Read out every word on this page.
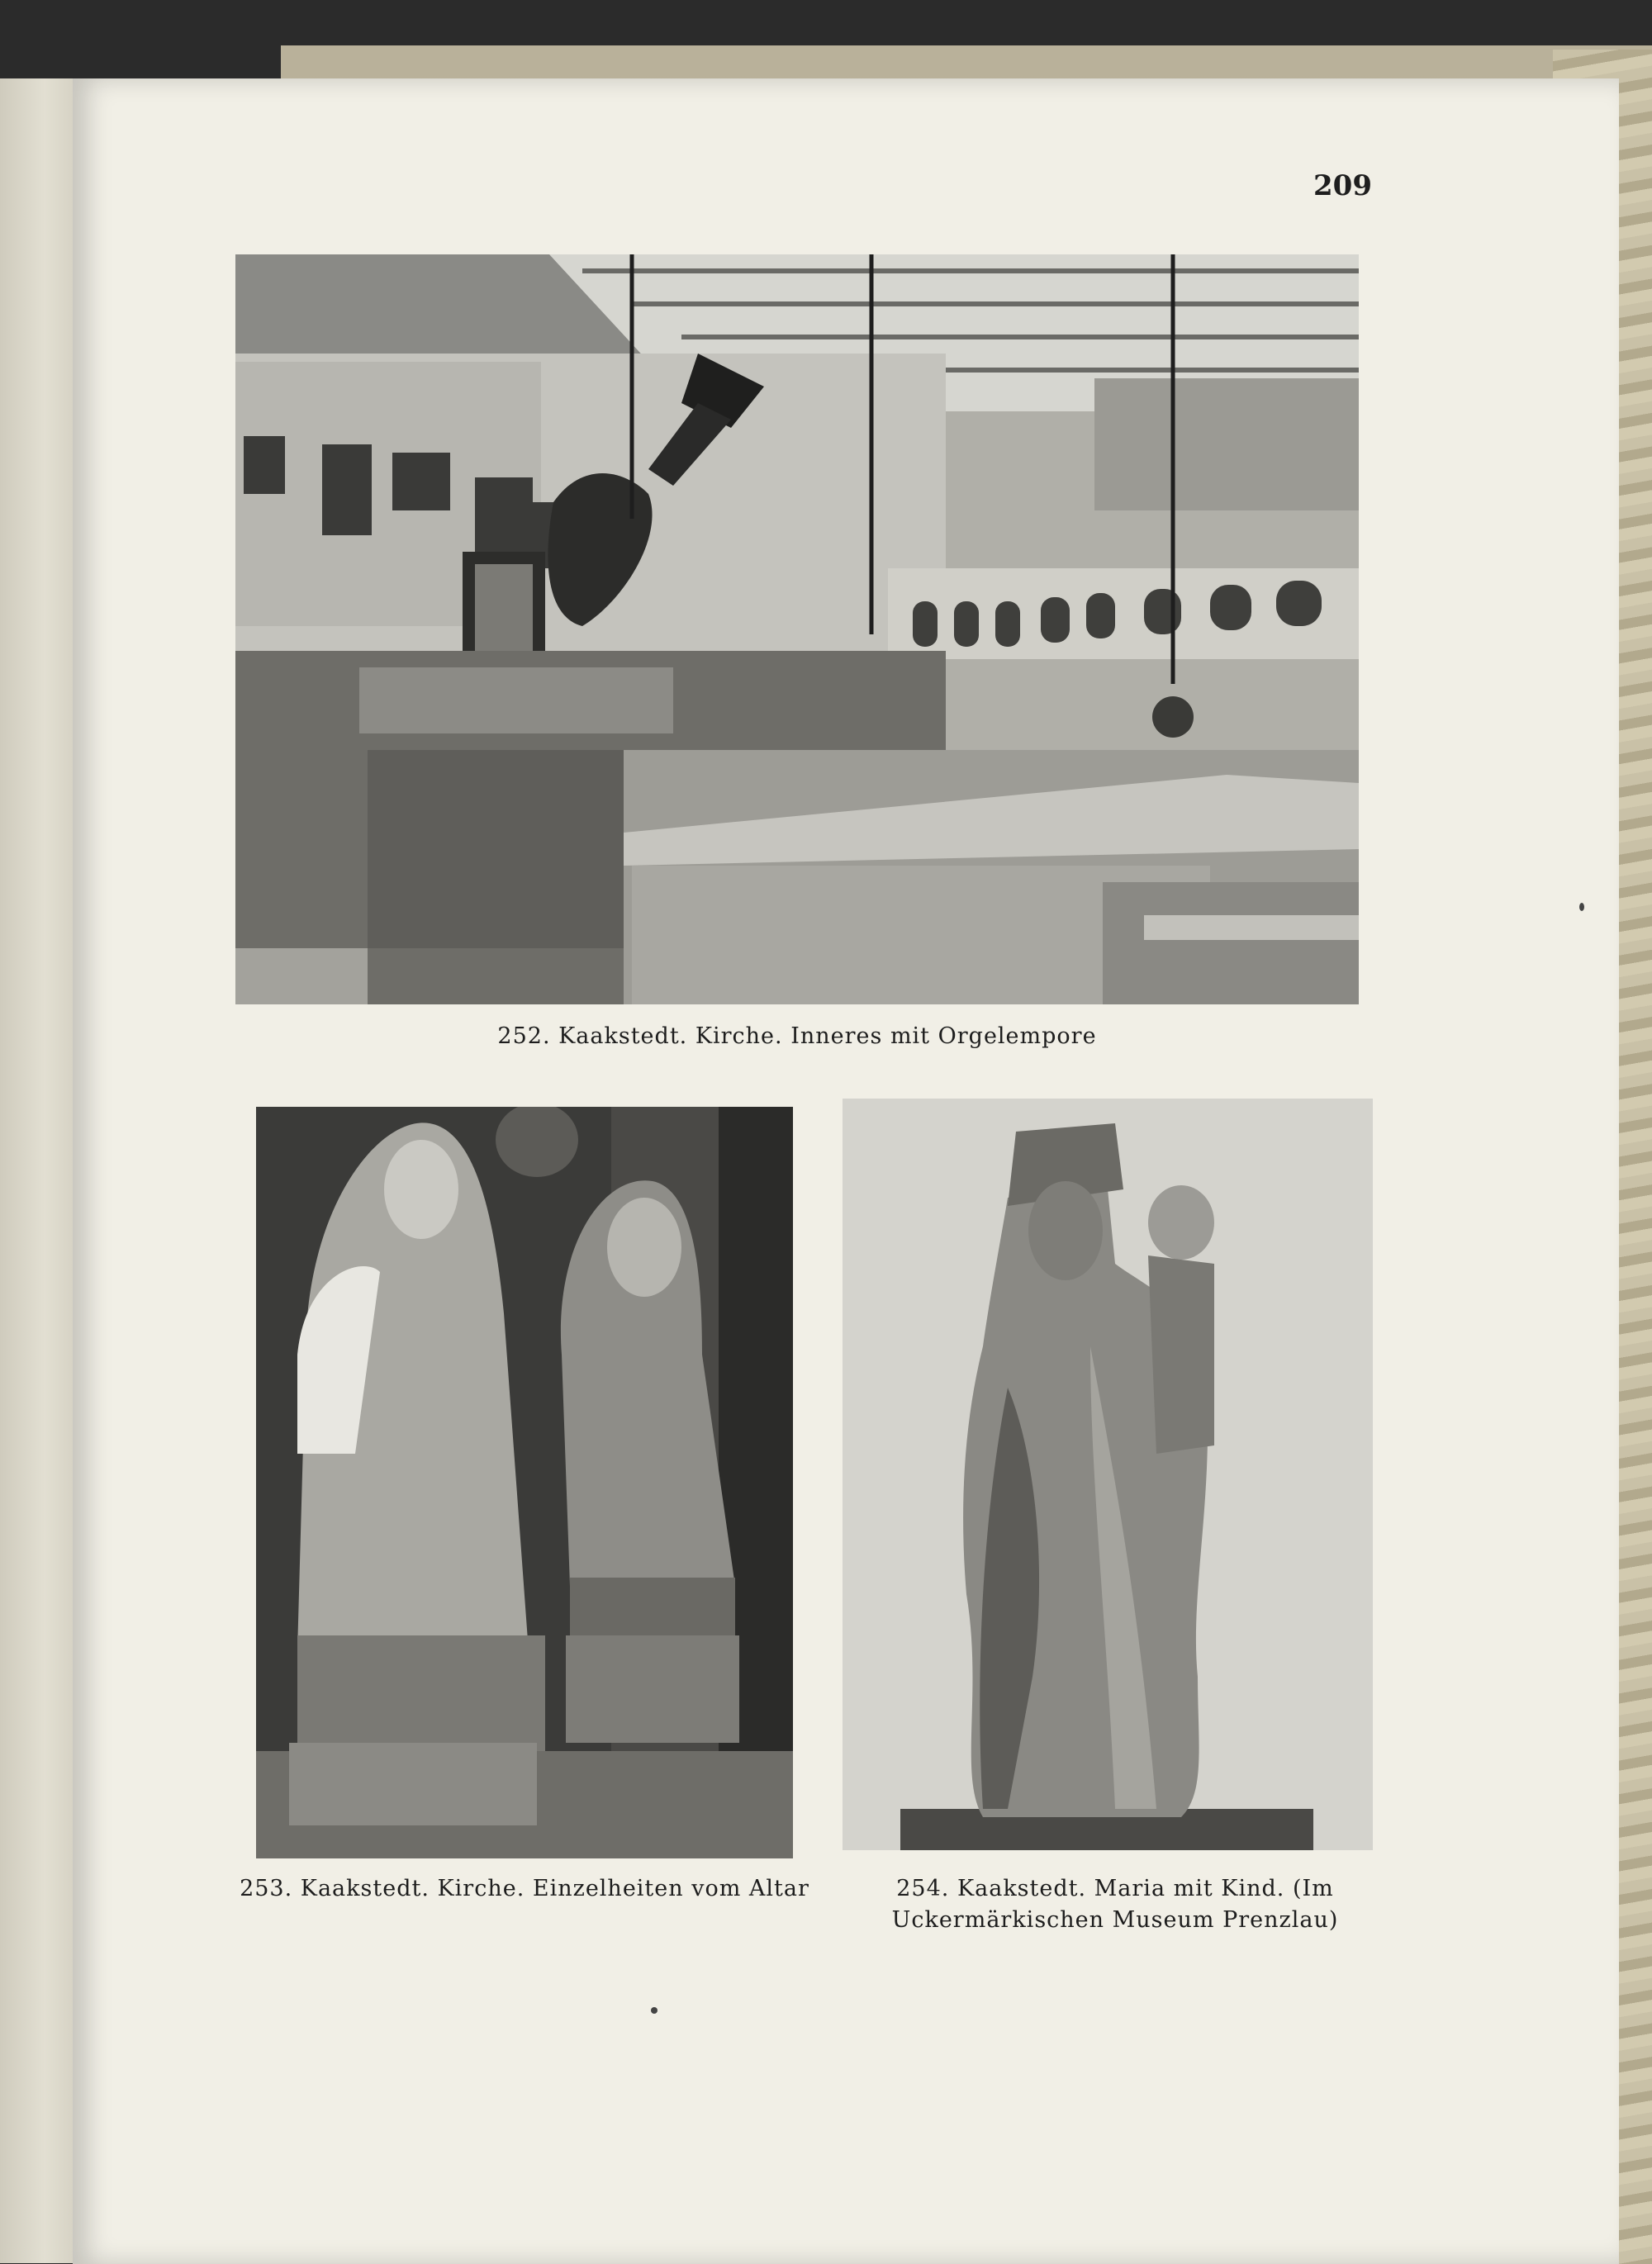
209
252. Kaakstedt. Kirche. Inneres mit Orgelempore
253. Kaakstedt. Kirche. Einzelheiten vom Altar	254. Kaakstedt. Maria mit Kind. (Im Uckermärkischen Museum Prenzlau)
